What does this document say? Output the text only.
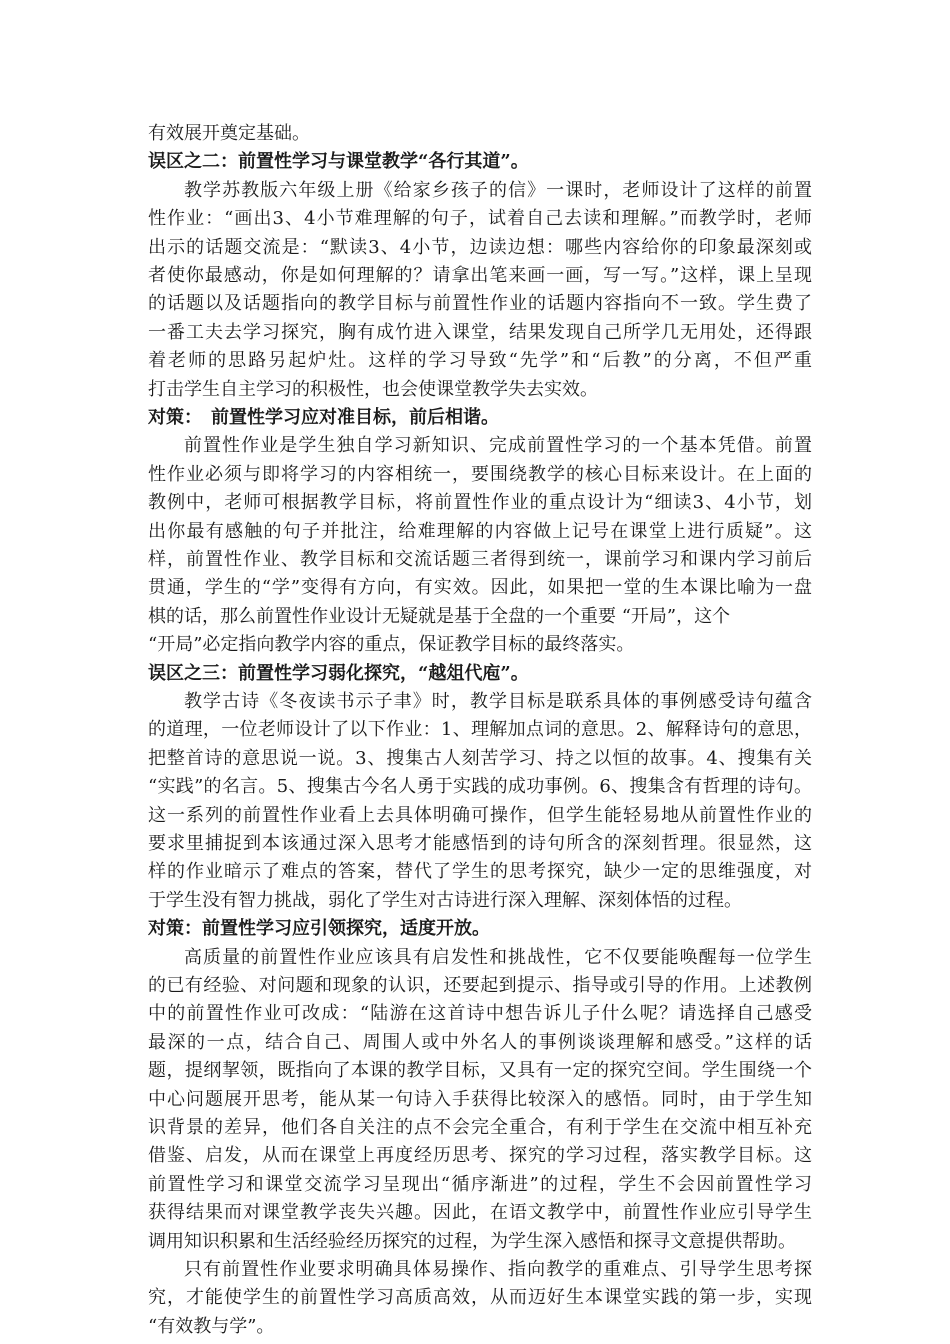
有效展开奠定基础。
误区之二：前置性学习与课堂教学“各行其道”。
教学苏教版六年级上册《给家乡孩子的信》一课时，老师设计了这样的前置
性作业：“画出3、4小节难理解的句子，试着自己去读和理解。”而教学时，老师
出示的话题交流是：“默读3、4小节，边读边想：哪些内容给你的印象最深刻或
者使你最感动，你是如何理解的？请拿出笔来画一画，写一写。”这样，课上呈现
的话题以及话题指向的教学目标与前置性作业的话题内容指向不一致。学生费了
一番工夫去学习探究，胸有成竹进入课堂，结果发现自己所学几无用处，还得跟
着老师的思路另起炉灶。这样的学习导致“先学”和“后教”的分离，不但严重
打击学生自主学习的积极性，也会使课堂教学失去实效。
对策：　前置性学习应对准目标，前后相谐。
前置性作业是学生独自学习新知识、完成前置性学习的一个基本凭借。前置
性作业必须与即将学习的内容相统一，要围绕教学的核心目标来设计。在上面的
教例中，老师可根据教学目标，将前置性作业的重点设计为“细读3、4小节，划
出你最有感触的句子并批注，给难理解的内容做上记号在课堂上进行质疑”。这
样，前置性作业、教学目标和交流话题三者得到统一，课前学习和课内学习前后
贯通，学生的“学”变得有方向，有实效。因此，如果把一堂的生本课比喻为一盘
棋的话，那么前置性作业设计无疑就是基于全盘的一个重要 “开局”，这个
“开局”必定指向教学内容的重点，保证教学目标的最终落实。
误区之三：前置性学习弱化探究，“越俎代庖”。
教学古诗《冬夜读书示子聿》时，教学目标是联系具体的事例感受诗句蕴含
的道理，一位老师设计了以下作业：1、理解加点词的意思。2、解释诗句的意思，
把整首诗的意思说一说。3、搜集古人刻苦学习、持之以恒的故事。4、搜集有关
“实践”的名言。5、搜集古今名人勇于实践的成功事例。6、搜集含有哲理的诗句。
这一系列的前置性作业看上去具体明确可操作，但学生能轻易地从前置性作业的
要求里捕捉到本该通过深入思考才能感悟到的诗句所含的深刻哲理。很显然，这
样的作业暗示了难点的答案，替代了学生的思考探究，缺少一定的思维强度，对
于学生没有智力挑战，弱化了学生对古诗进行深入理解、深刻体悟的过程。
对策：前置性学习应引领探究，适度开放。
高质量的前置性作业应该具有启发性和挑战性，它不仅要能唤醒每一位学生
的已有经验、对问题和现象的认识，还要起到提示、指导或引导的作用。上述教例
中的前置性作业可改成：“陆游在这首诗中想告诉儿子什么呢？请选择自己感受
最深的一点，结合自己、周围人或中外名人的事例谈谈理解和感受。”这样的话
题，提纲挈领，既指向了本课的教学目标，又具有一定的探究空间。学生围绕一个
中心问题展开思考，能从某一句诗入手获得比较深入的感悟。同时，由于学生知
识背景的差异，他们各自关注的点不会完全重合，有利于学生在交流中相互补充
借鉴、启发，从而在课堂上再度经历思考、探究的学习过程，落实教学目标。这
前置性学习和课堂交流学习呈现出“循序渐进”的过程，学生不会因前置性学习
获得结果而对课堂教学丧失兴趣。因此，在语文教学中，前置性作业应引导学生
调用知识积累和生活经验经历探究的过程，为学生深入感悟和探寻文意提供帮助。
只有前置性作业要求明确具体易操作、指向教学的重难点、引导学生思考探
究，才能使学生的前置性学习高质高效，从而迈好生本课堂实践的第一步，实现
“有效教与学”。
